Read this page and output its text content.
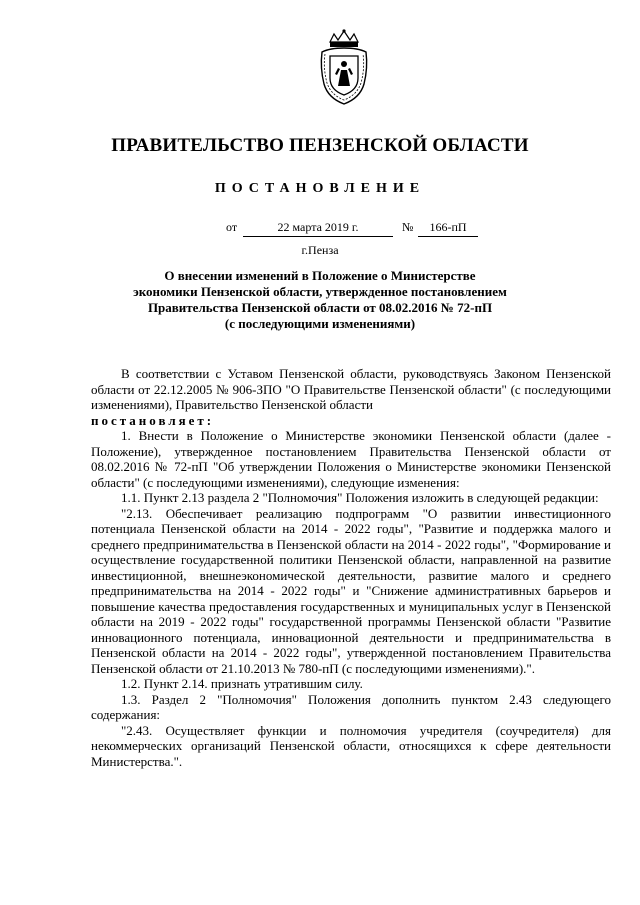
ПРАВИТЕЛЬСТВО ПЕНЗЕНСКОЙ ОБЛАСТИ
ПОСТАНОВЛЕНИЕ
от	22 марта 2019 г.	№	166-пП
г.Пенза
О внесении изменений в Положение о Министерстве
экономики Пензенской области, утвержденное постановлением
Правительства Пензенской области от 08.02.2016 № 72-пП
(с последующими изменениями)

В соответствии с Уставом Пензенской области, руководствуясь Законом Пензенской области от 22.12.2005 № 906-ЗПО "О Правительстве Пензенской области" (с последующими изменениями), Правительство Пензенской области

постановляет:

1. Внести в Положение о Министерстве экономики Пензенской области (далее - Положение), утвержденное постановлением Правительства Пензенской области от 08.02.2016 № 72-пП "Об утверждении Положения о Министерстве экономики Пензенской области" (с последующими изменениями), следующие изменения:

1.1. Пункт 2.13 раздела 2 "Полномочия" Положения изложить в следующей редакции:

"2.13. Обеспечивает реализацию подпрограмм "О развитии инвестиционного потенциала Пензенской области на 2014 - 2022 годы", "Развитие и поддержка малого и среднего предпринимательства в Пензенской области на 2014 - 2022 годы", "Формирование и осуществление государственной политики Пензенской области, направленной на развитие инвестиционной, внешнеэкономической деятельности, развитие малого и среднего предпринимательства на 2014 - 2022 годы" и "Снижение административных барьеров и повышение качества предоставления государственных и муниципальных услуг в Пензенской области на 2019 - 2022 годы" государственной программы Пензенской области "Развитие инновационного потенциала, инновационной деятельности и предпринимательства в Пензенской области на 2014 - 2022 годы", утвержденной постановлением Правительства Пензенской области от 21.10.2013 № 780-пП (с последующими изменениями).".

1.2. Пункт 2.14. признать утратившим силу.

1.3. Раздел 2 "Полномочия" Положения дополнить пунктом 2.43 следующего содержания:

"2.43. Осуществляет функции и полномочия учредителя (соучредителя) для некоммерческих организаций Пензенской области, относящихся к сфере деятельности Министерства.".
